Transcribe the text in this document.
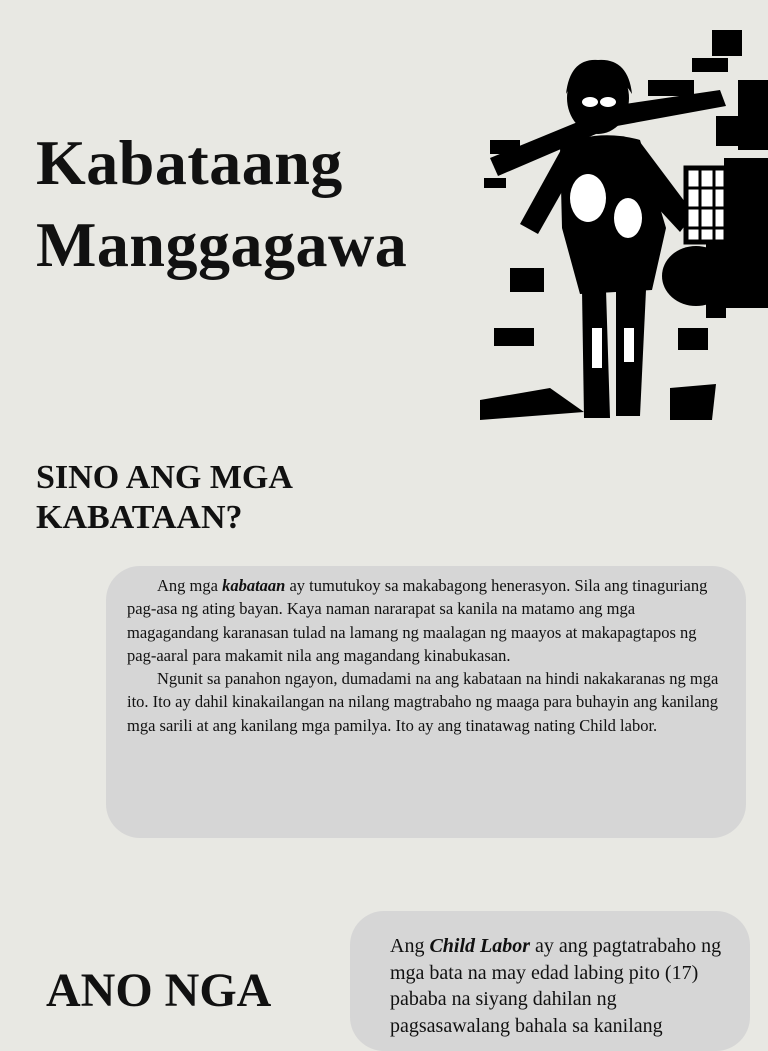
Kabataang
Manggagawa
SINO ANG MGA KABATAAN?

Ang mga kabataan ay tumutukoy sa makabagong henerasyon. Sila ang tinaguriang pag-asa ng ating bayan. Kaya naman nararapat sa kanila na matamo ang mga magagandang karanasan tulad na lamang ng maalagan ng maayos at makapagtapos ng pag-aaral para makamit nila ang magandang kinabukasan.

Ngunit sa panahon ngayon, dumadami na ang kabataan na hindi nakakaranas ng mga ito. Ito ay dahil kinakailangan na nilang magtrabaho ng maaga para buhayin ang kanilang mga sarili at ang kanilang mga pamilya. Ito ay ang tinatawag nating Child labor.

ANO NGA

Ang Child Labor ay ang pagtatrabaho ng mga bata na may edad labing pito (17) pababa na siyang dahilan ng pagsasawalang bahala sa kanilang
